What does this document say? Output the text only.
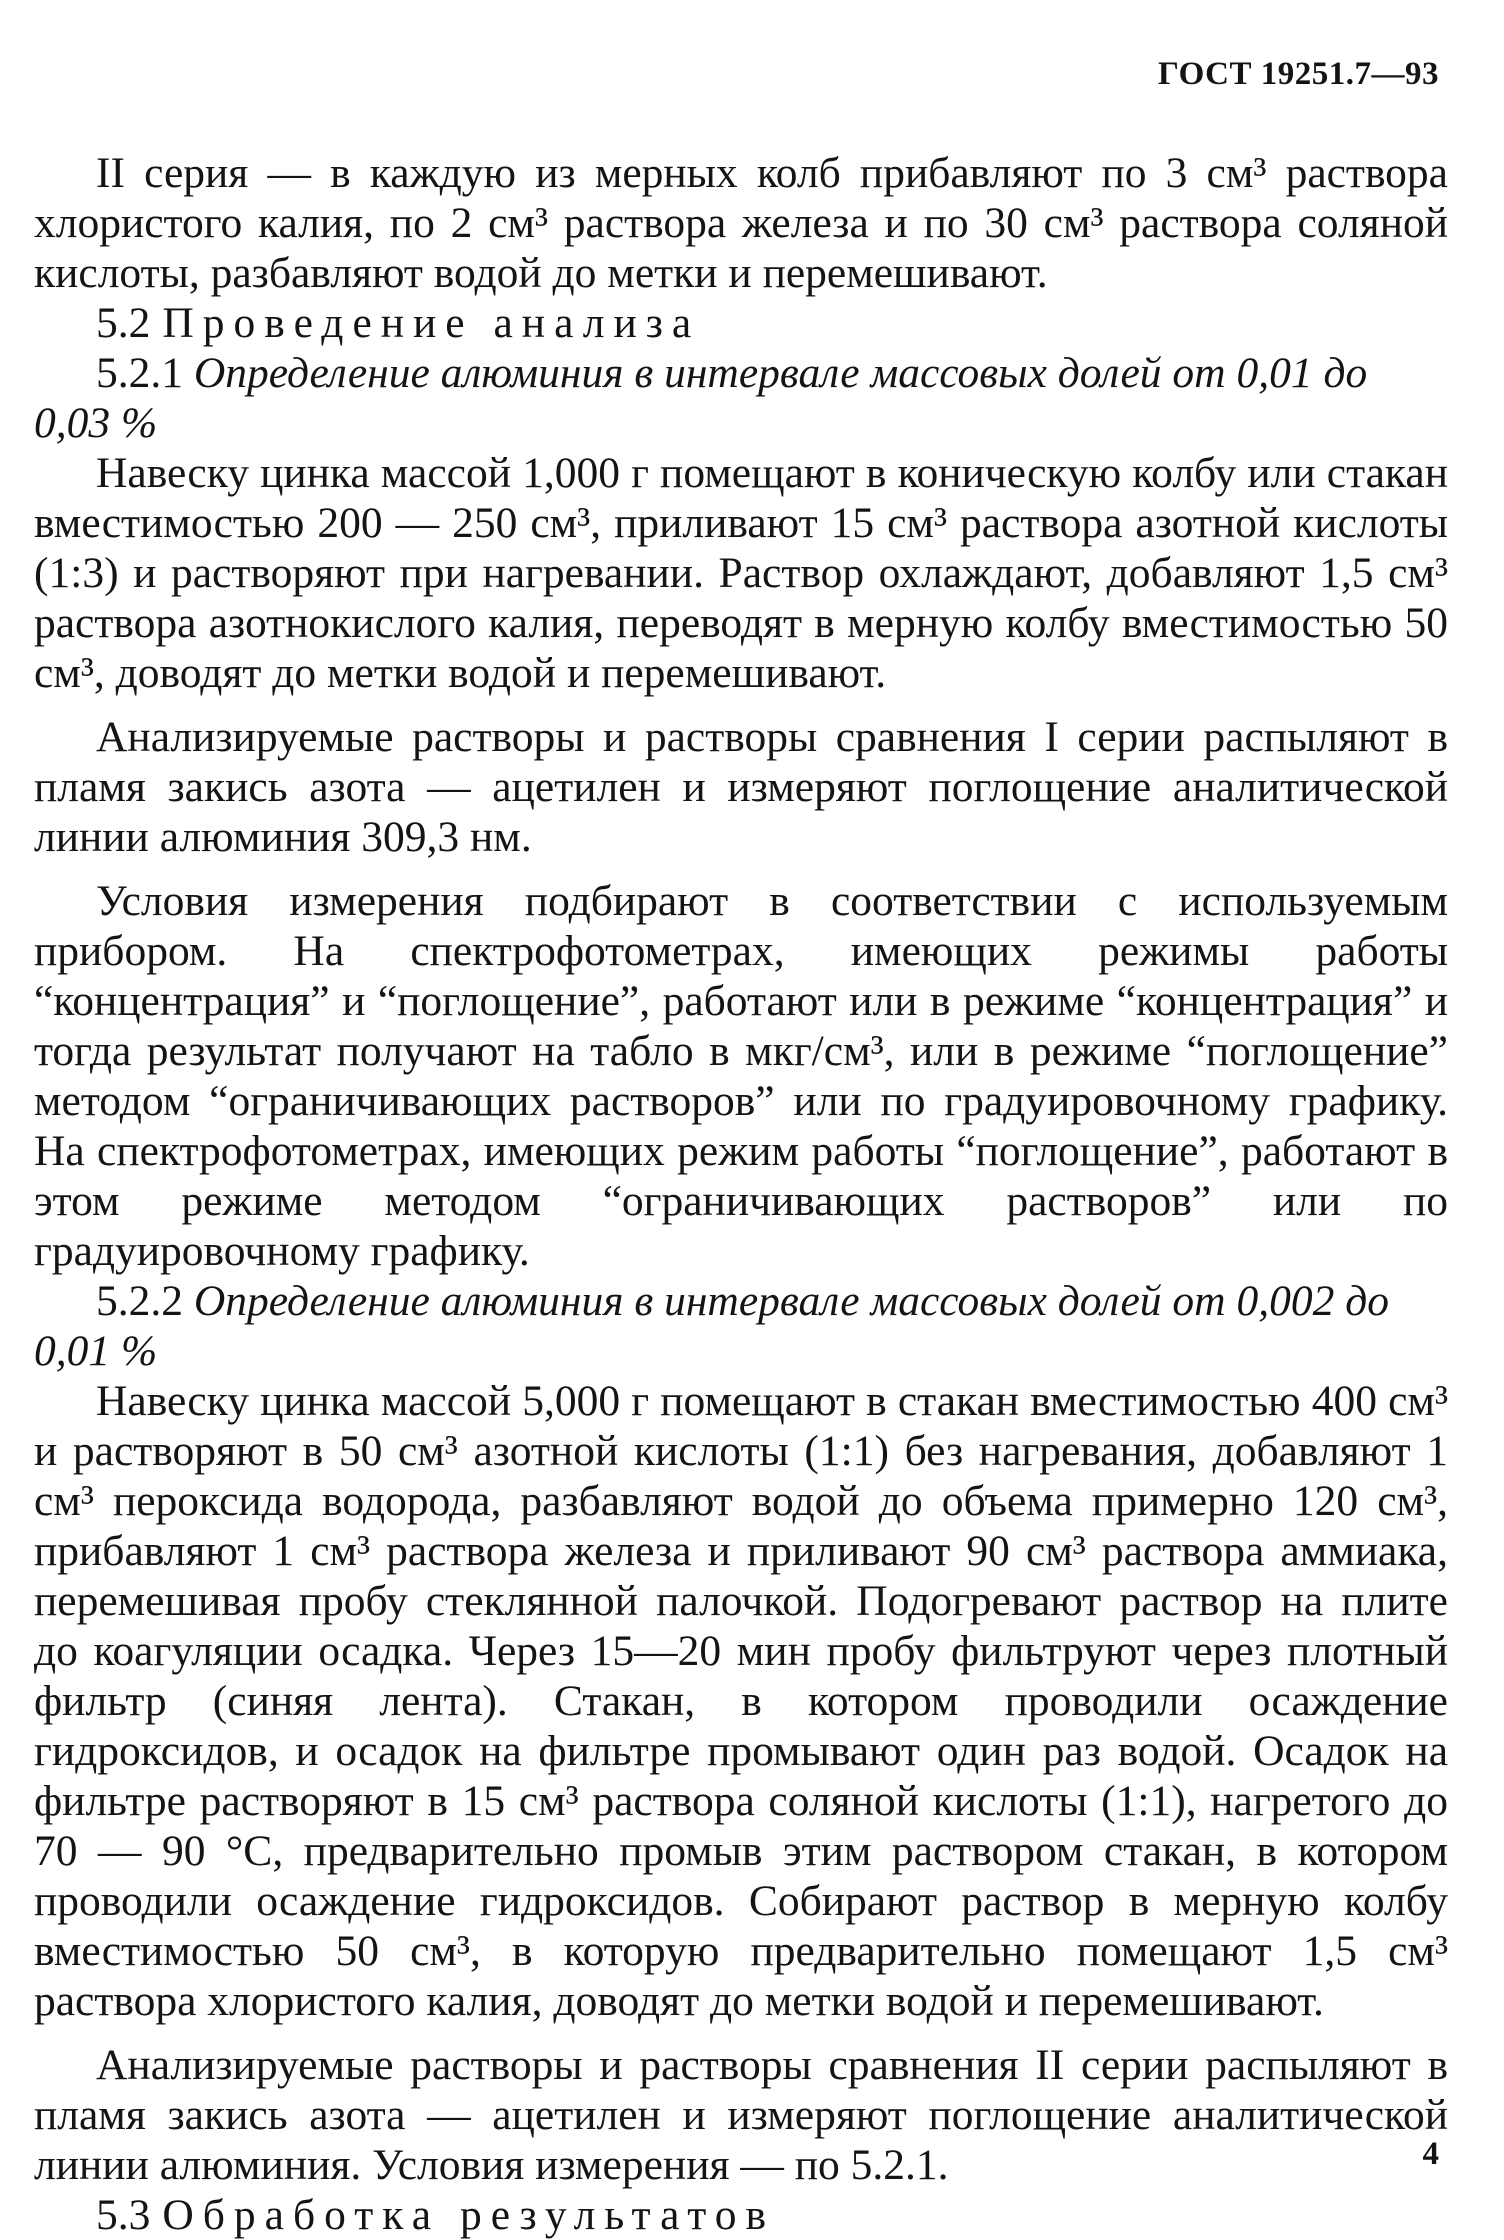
ГОСТ 19251.7—93

II серия — в каждую из мерных колб прибавляют по 3 см³ раствора хлористого калия, по 2 см³ раствора железа и по 30 см³ раствора соляной кислоты, разбавляют водой до метки и перемешивают.

5.2 Проведение анализа

5.2.1 Определение алюминия в интервале массовых долей от 0,01 до 0,03 %

Навеску цинка массой 1,000 г помещают в коническую колбу или стакан вместимостью 200 — 250 см³, приливают 15 см³ раствора азотной кислоты (1:3) и растворяют при нагревании. Раствор охлаждают, добавляют 1,5 см³ раствора азотнокислого калия, переводят в мерную колбу вместимостью 50 см³, доводят до метки водой и перемешивают.

Анализируемые растворы и растворы сравнения I серии распыляют в пламя закись азота — ацетилен и измеряют поглощение аналитической линии алюминия 309,3 нм.

Условия измерения подбирают в соответствии с используемым прибором. На спектрофотометрах, имеющих режимы работы “концентрация” и “поглощение”, работают или в режиме “концентрация” и тогда результат получают на табло в мкг/см³, или в режиме “поглощение” методом “ограничивающих растворов” или по градуировочному графику. На спектрофотометрах, имеющих режим работы “поглощение”, работают в этом режиме методом “ограничивающих растворов” или по градуировочному графику.

5.2.2 Определение алюминия в интервале массовых долей от 0,002 до 0,01 %

Навеску цинка массой 5,000 г помещают в стакан вместимостью 400 см³ и растворяют в 50 см³ азотной кислоты (1:1) без нагревания, добавляют 1 см³ пероксида водорода, разбавляют водой до объема примерно 120 см³, прибавляют 1 см³ раствора железа и приливают 90 см³ раствора аммиака, перемешивая пробу стеклянной палочкой. Подогревают раствор на плите до коагуляции осадка. Через 15—20 мин пробу фильтруют через плотный фильтр (синяя лента). Стакан, в котором проводили осаждение гидроксидов, и осадок на фильтре промывают один раз водой. Осадок на фильтре растворяют в 15 см³ раствора соляной кислоты (1:1), нагретого до 70 — 90 °С, предварительно промыв этим раствором стакан, в котором проводили осаждение гидроксидов. Собирают раствор в мерную колбу вместимостью 50 см³, в которую предварительно помещают 1,5 см³ раствора хлористого калия, доводят до метки водой и перемешивают.

Анализируемые растворы и растворы сравнения II серии распыляют в пламя закись азота — ацетилен и измеряют поглощение аналитической линии алюминия. Условия измерения — по 5.2.1.

5.3 Обработка результатов

4
